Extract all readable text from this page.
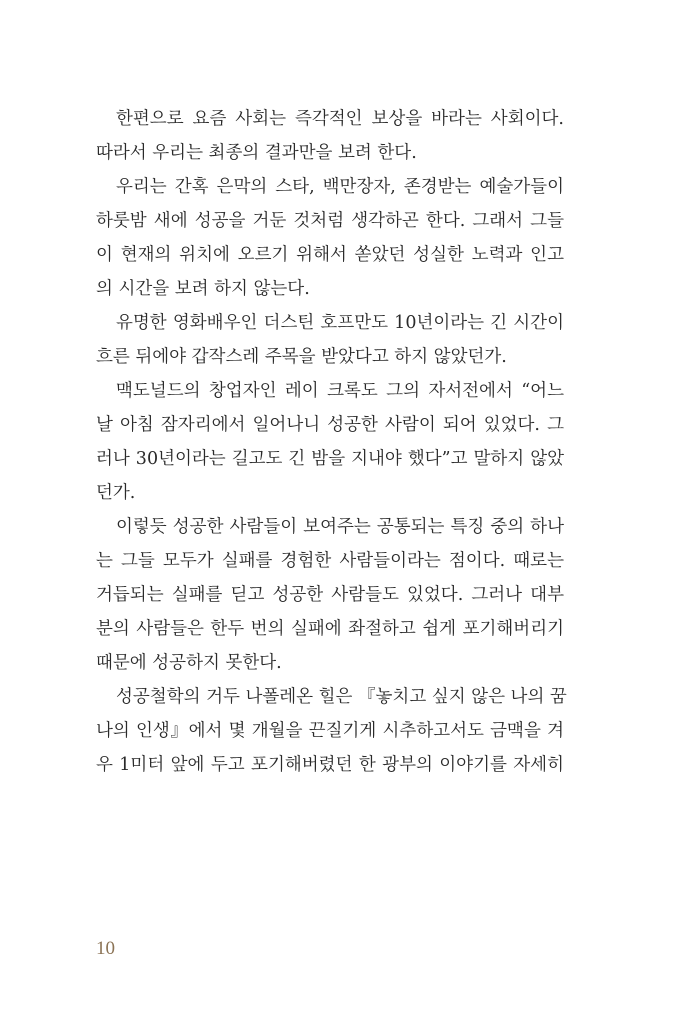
한편으로 요즘 사회는 즉각적인 보상을 바라는 사회이다.
따라서 우리는 최종의 결과만을 보려 한다.
우리는 간혹 은막의 스타, 백만장자, 존경받는 예술가들이
하룻밤 새에 성공을 거둔 것처럼 생각하곤 한다. 그래서 그들
이 현재의 위치에 오르기 위해서 쏟았던 성실한 노력과 인고
의 시간을 보려 하지 않는다.
유명한 영화배우인 더스틴 호프만도 10년이라는 긴 시간이
흐른 뒤에야 갑작스레 주목을 받았다고 하지 않았던가.
맥도널드의 창업자인 레이 크록도 그의 자서전에서 “어느
날 아침 잠자리에서 일어나니 성공한 사람이 되어 있었다. 그
러나 30년이라는 길고도 긴 밤을 지내야 했다”고 말하지 않았
던가.
이렇듯 성공한 사람들이 보여주는 공통되는 특징 중의 하나
는 그들 모두가 실패를 경험한 사람들이라는 점이다. 때로는
거듭되는 실패를 딛고 성공한 사람들도 있었다. 그러나 대부
분의 사람들은 한두 번의 실패에 좌절하고 쉽게 포기해버리기
때문에 성공하지 못한다.
성공철학의 거두 나폴레온 힐은 『놓치고 싶지 않은 나의 꿈
나의 인생』에서 몇 개월을 끈질기게 시추하고서도 금맥을 겨
우 1미터 앞에 두고 포기해버렸던 한 광부의 이야기를 자세히
10
